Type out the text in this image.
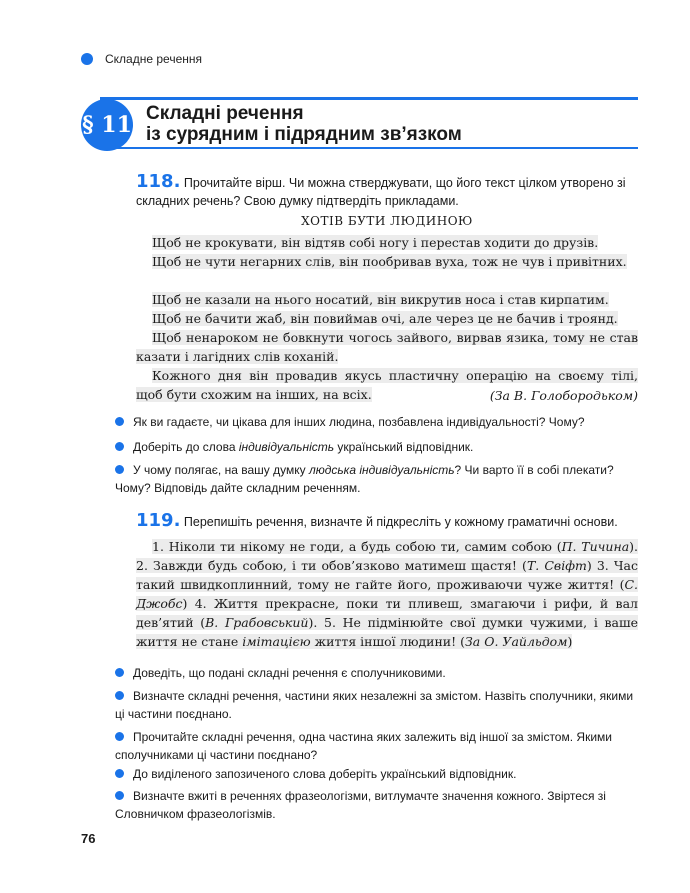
Складне речення
§ 11 Складні речення
із сурядним і підрядним зв’язком
118. Прочитайте вірш. Чи можна стверджувати, що його текст цілком утворено зі складних речень? Свою думку підтвердіть прикладами.
ХОТІВ БУТИ ЛЮДИНОЮ
Щоб не крокувати, він відтяв собі ногу і перестав ходити до друзів.
Щоб не чути негарних слів, він пообривав вуха, тож не чув і привітних.
Щоб не казали на нього носатий, він викрутив носа і став кирпатим.
Щоб не бачити жаб, він повиймав очі, але через це не бачив і троянд.
Щоб ненароком не бовкнути чогось зайвого, вирвав язика, тому не став казати і лагідних слів коханій.
Кожного дня він провадив якусь пластичну операцію на своєму тілі, щоб бути схожим на інших, на всіх.	(За В. Голобородьком)
Як ви гадаєте, чи цікава для інших людина, позбавлена індивідуальності? Чому?
Доберіть до слова індивідуальність український відповідник.
У чому полягає, на вашу думку людська індивідуальність? Чи варто її в собі плекати? Чому? Відповідь дайте складним реченням.
119. Перепишіть речення, визначте й підкресліть у кожному граматичні основи.
1. Ніколи ти нікому не годи, а будь собою ти, самим собою (П. Тичина). 2. Завжди будь собою, і ти обов’язково матимеш щастя! (Т. Свіфт) 3. Час такий швидкоплинний, тому не гайте його, проживаючи чуже життя! (С. Джобс) 4. Життя прекрасне, поки ти пливеш, змагаючи і рифи, й вал дев’ятий (В. Грабовський). 5. Не підмінюйте свої думки чужими, і ваше життя не стане імітацією життя іншої людини! (За О. Уайльдом)
Доведіть, що подані складні речення є сполучниковими.
Визначте складні речення, частини яких незалежні за змістом. Назвіть сполучники, якими ці частини поєднано.
Прочитайте складні речення, одна частина яких залежить від іншої за змістом. Якими сполучниками ці частини поєднано?
До виділеного запозиченого слова доберіть український відповідник.
Визначте вжиті в реченнях фразеологізми, витлумачте значення кожного. Звіртеся зі Словничком фразеологізмів.
76
